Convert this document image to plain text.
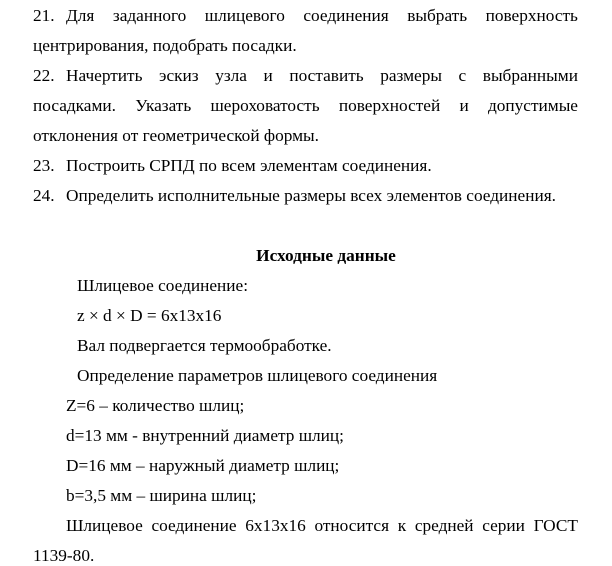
21. Для заданного шлицевого соединения выбрать поверхность
центрирования, подобрать посадки.
22. Начертить эскиз узла и поставить размеры с выбранными
посадками. Указать шероховатость поверхностей и допустимые
отклонения от геометрической формы.
23. Построить СРПД по всем элементам соединения.
24. Определить исполнительные размеры всех элементов соединения.
Исходные данные
Шлицевое соединение:
z × d × D = 6x13x16
Вал подвергается термообработке.
Определение параметров шлицевого соединения
Z=6 – количество шлиц;
d=13 мм - внутренний диаметр шлиц;
D=16 мм – наружный диаметр шлиц;
b=3,5 мм – ширина шлиц;
Шлицевое соединение 6х13х16 относится к средней серии ГОСТ
1139-80.
